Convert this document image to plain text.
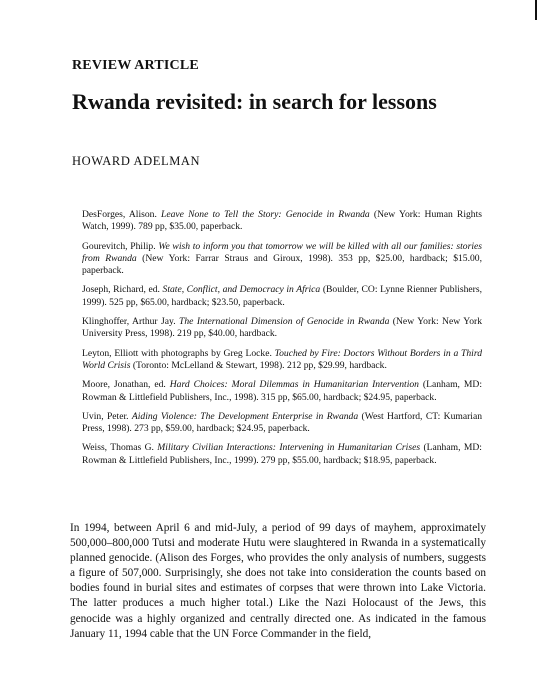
REVIEW ARTICLE
Rwanda revisited: in search for lessons
HOWARD ADELMAN

DesForges, Alison. Leave None to Tell the Story: Genocide in Rwanda (New York: Human Rights Watch, 1999). 789 pp, $35.00, paperback.

Gourevitch, Philip. We wish to inform you that tomorrow we will be killed with all our families: stories from Rwanda (New York: Farrar Straus and Giroux, 1998). 353 pp, $25.00, hardback; $15.00, paperback.

Joseph, Richard, ed. State, Conflict, and Democracy in Africa (Boulder, CO: Lynne Rienner Publishers, 1999). 525 pp, $65.00, hardback; $23.50, paperback.

Klinghoffer, Arthur Jay. The International Dimension of Genocide in Rwanda (New York: New York University Press, 1998). 219 pp, $40.00, hardback.

Leyton, Elliott with photographs by Greg Locke. Touched by Fire: Doctors Without Borders in a Third World Crisis (Toronto: McLelland & Stewart, 1998). 212 pp, $29.99, hardback.

Moore, Jonathan, ed. Hard Choices: Moral Dilemmas in Humanitarian Intervention (Lanham, MD: Rowman & Littlefield Publishers, Inc., 1998). 315 pp, $65.00, hardback; $24.95, paperback.

Uvin, Peter. Aiding Violence: The Development Enterprise in Rwanda (West Hartford, CT: Kumarian Press, 1998). 273 pp, $59.00, hardback; $24.95, paperback.

Weiss, Thomas G. Military Civilian Interactions: Intervening in Humanitarian Crises (Lanham, MD: Rowman & Littlefield Publishers, Inc., 1999). 279 pp, $55.00, hardback; $18.95, paperback.

In 1994, between April 6 and mid-July, a period of 99 days of mayhem, approximately 500,000–800,000 Tutsi and moderate Hutu were slaughtered in Rwanda in a systematically planned genocide. (Alison des Forges, who provides the only analysis of numbers, suggests a figure of 507,000. Surprisingly, she does not take into consideration the counts based on bodies found in burial sites and estimates of corpses that were thrown into Lake Victoria. The latter produces a much higher total.) Like the Nazi Holocaust of the Jews, this genocide was a highly organized and centrally directed one. As indicated in the famous January 11, 1994 cable that the UN Force Commander in the field,
